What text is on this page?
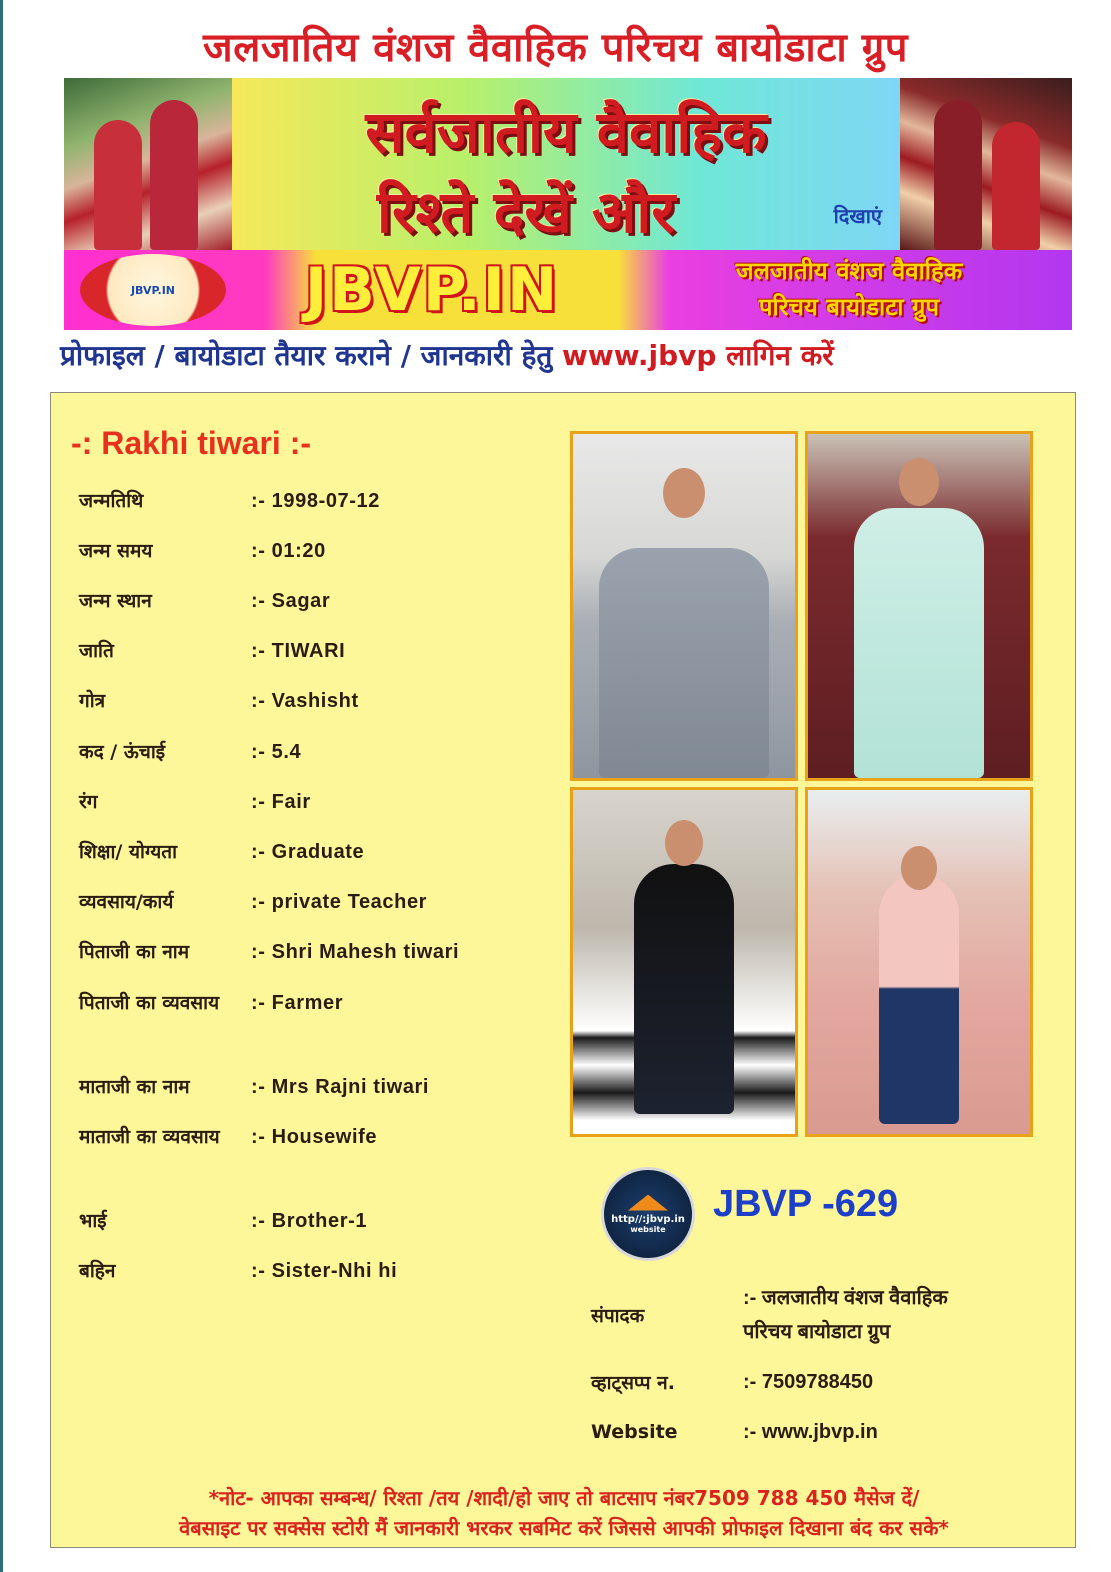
जलजातिय वंशज वैवाहिक परिचय बायोडाटा ग्रुप
सर्वजातीय वैवाहिक
रिश्ते देखें और	दिखाएं
JBVP.IN	JBVP.IN	जलजातीय वंशज वैवाहिक
परिचय बायोडाटा ग्रुप
प्रोफाइल / बायोडाटा तैयार कराने / जानकारी हेतु www.jbvp लागिन करें
-: Rakhi tiwari :-
जन्मतिथि	:- 1998-07-12
जन्म समय	:- 01:20
जन्म स्थान	:- Sagar
जाति	:- TIWARI
गोत्र	:- Vashisht
कद / ऊंचाई	:- 5.4
रंग	:- Fair
शिक्षा/ योग्यता	:- Graduate
व्यवसाय/कार्य	:- private Teacher
पिताजी का नाम	:- Shri Mahesh tiwari
पिताजी का व्यवसाय	:- Farmer
माताजी का नाम	:- Mrs Rajni tiwari
माताजी का व्यवसाय	:- Housewife
भाई	:- Brother-1
बहिन	:- Sister-Nhi hi
http//:jbvp.in
website
JBVP -629
संपादक
:- जलजातीय वंशज वैवाहिक
परिचय बायोडाटा ग्रुप
व्हाट्सप्प न.	:- 7509788450
Website	:- www.jbvp.in
*नोट- आपका सम्बन्ध/ रिश्ता /तय /शादी/हो जाए तो बाटसाप नंबर7509 788 450 मैसेज दें/
वेबसाइट पर सक्सेस स्टोरी मैं जानकारी भरकर सबमिट करें जिससे आपकी प्रोफाइल दिखाना बंद कर सके*
